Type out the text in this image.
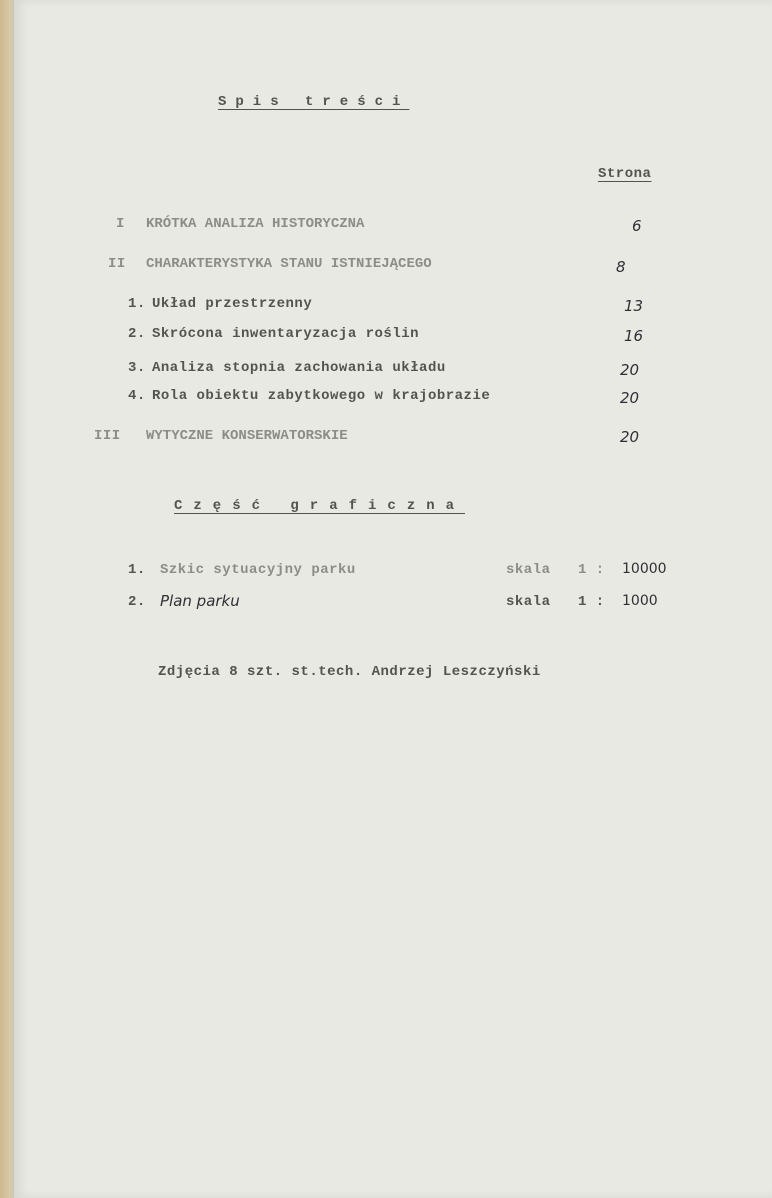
Spis treści
Strona
I KRÓTKA ANALIZA HISTORYCZNA	6
II CHARAKTERYSTYKA STANU ISTNIEJĄCEGO	8
1. Układ przestrzenny	13
2. Skrócona inwentaryzacja roślin	16
3. Analiza stopnia zachowania układu	20
4. Rola obiektu zabytkowego w krajobrazie	20
III WYTYCZNE KONSERWATORSKIE	20
Część graficzna
1. Szkic sytuacyjny parku	skala 1 : 10000
2. Plan parku	skala 1 : 1000
Zdjęcia 8 szt. st.tech. Andrzej Leszczyński
